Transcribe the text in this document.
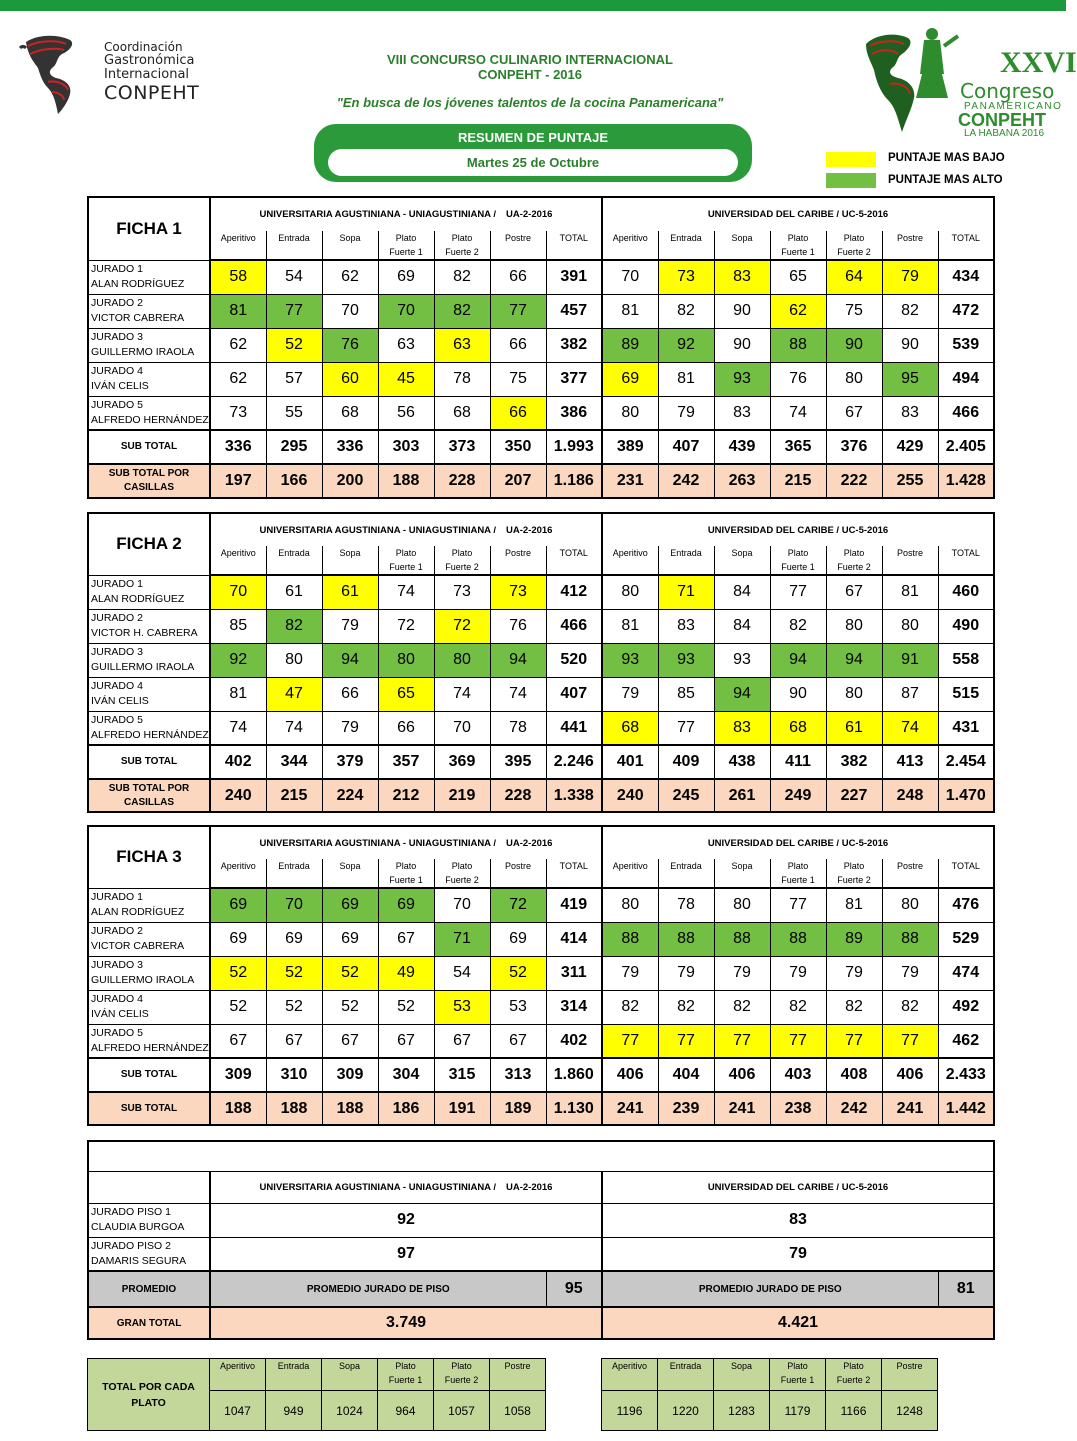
Coordinación
Gastronómica
Internacional
CONPEHT
XXVI
Congreso
PANAMERICANO
CONPEHT
LA HABANA 2016
VIII CONCURSO CULINARIO INTERNACIONAL
CONPEHT - 2016
"En busca de los jóvenes talentos de la cocina Panamericana"
RESUMEN DE PUNTAJE
Martes 25 de Octubre	PUNTAJE MAS BAJO
PUNTAJE MAS ALTO
FICHA 1	UNIVERSITARIA AGUSTINIANA - UNIAGUSTINIANA / UA-2-2016							UNIVERSIDAD DEL CARIBE / UC-5-2016						
	Aperitivo	Entrada	Sopa	Plato
Fuerte 1	Plato
Fuerte 2	Postre	TOTAL	Aperitivo	Entrada	Sopa	Plato
Fuerte 1	Plato
Fuerte 2	Postre	TOTAL
JURADO 1
ALAN RODRÍGUEZ	58	54	62	69	82	66	391	70	73	83	65	64	79	434
JURADO 2
VICTOR CABRERA	81	77	70	70	82	77	457	81	82	90	62	75	82	472
JURADO 3
GUILLERMO IRAOLA	62	52	76	63	63	66	382	89	92	90	88	90	90	539
JURADO 4
IVÁN CELIS	62	57	60	45	78	75	377	69	81	93	76	80	95	494
JURADO 5
ALFREDO HERNÁNDEZ	73	55	68	56	68	66	386	80	79	83	74	67	83	466
SUB TOTAL	336	295	336	303	373	350	1.993	389	407	439	365	376	429	2.405
SUB TOTAL POR
CASILLAS	197	166	200	188	228	207	1.186	231	242	263	215	222	255	1.428
FICHA 2	UNIVERSITARIA AGUSTINIANA - UNIAGUSTINIANA / UA-2-2016							UNIVERSIDAD DEL CARIBE / UC-5-2016						
	Aperitivo	Entrada	Sopa	Plato
Fuerte 1	Plato
Fuerte 2	Postre	TOTAL	Aperitivo	Entrada	Sopa	Plato
Fuerte 1	Plato
Fuerte 2	Postre	TOTAL
JURADO 1
ALAN RODRÍGUEZ	70	61	61	74	73	73	412	80	71	84	77	67	81	460
JURADO 2
VICTOR H. CABRERA	85	82	79	72	72	76	466	81	83	84	82	80	80	490
JURADO 3
GUILLERMO IRAOLA	92	80	94	80	80	94	520	93	93	93	94	94	91	558
JURADO 4
IVÁN CELIS	81	47	66	65	74	74	407	79	85	94	90	80	87	515
JURADO 5
ALFREDO HERNÁNDEZ	74	74	79	66	70	78	441	68	77	83	68	61	74	431
SUB TOTAL	402	344	379	357	369	395	2.246	401	409	438	411	382	413	2.454
SUB TOTAL POR
CASILLAS	240	215	224	212	219	228	1.338	240	245	261	249	227	248	1.470
FICHA 3	UNIVERSITARIA AGUSTINIANA - UNIAGUSTINIANA / UA-2-2016							UNIVERSIDAD DEL CARIBE / UC-5-2016						
	Aperitivo	Entrada	Sopa	Plato
Fuerte 1	Plato
Fuerte 2	Postre	TOTAL	Aperitivo	Entrada	Sopa	Plato
Fuerte 1	Plato
Fuerte 2	Postre	TOTAL
JURADO 1
ALAN RODRÍGUEZ	69	70	69	69	70	72	419	80	78	80	77	81	80	476
JURADO 2
VICTOR CABRERA	69	69	69	67	71	69	414	88	88	88	88	89	88	529
JURADO 3
GUILLERMO IRAOLA	52	52	52	49	54	52	311	79	79	79	79	79	79	474
JURADO 4
IVÁN CELIS	52	52	52	52	53	53	314	82	82	82	82	82	82	492
JURADO 5
ALFREDO HERNÁNDEZ	67	67	67	67	67	67	402	77	77	77	77	77	77	462
SUB TOTAL	309	310	309	304	315	313	1.860	406	404	406	403	408	406	2.433
SUB TOTAL	188	188	188	186	191	189	1.130	241	239	241	238	242	241	1.442

	UNIVERSITARIA AGUSTINIANA - UNIAGUSTINIANA / UA-2-2016		UNIVERSIDAD DEL CARIBE / UC-5-2016	
JURADO PISO 1
CLAUDIA BURGOA	92		83	
JURADO PISO 2
DAMARIS SEGURA	97		79	
PROMEDIO	PROMEDIO JURADO DE PISO	95	PROMEDIO JURADO DE PISO	81
GRAN TOTAL	3.749		4.421	
TOTAL POR CADA
PLATO	Aperitivo	Entrada	Sopa	Plato
Fuerte 1	Plato
Fuerte 2	Postre
	1047	949	1024	964	1057	1058
Aperitivo	Entrada	Sopa	Plato
Fuerte 1	Plato
Fuerte 2	Postre
1196	1220	1283	1179	1166	1248
